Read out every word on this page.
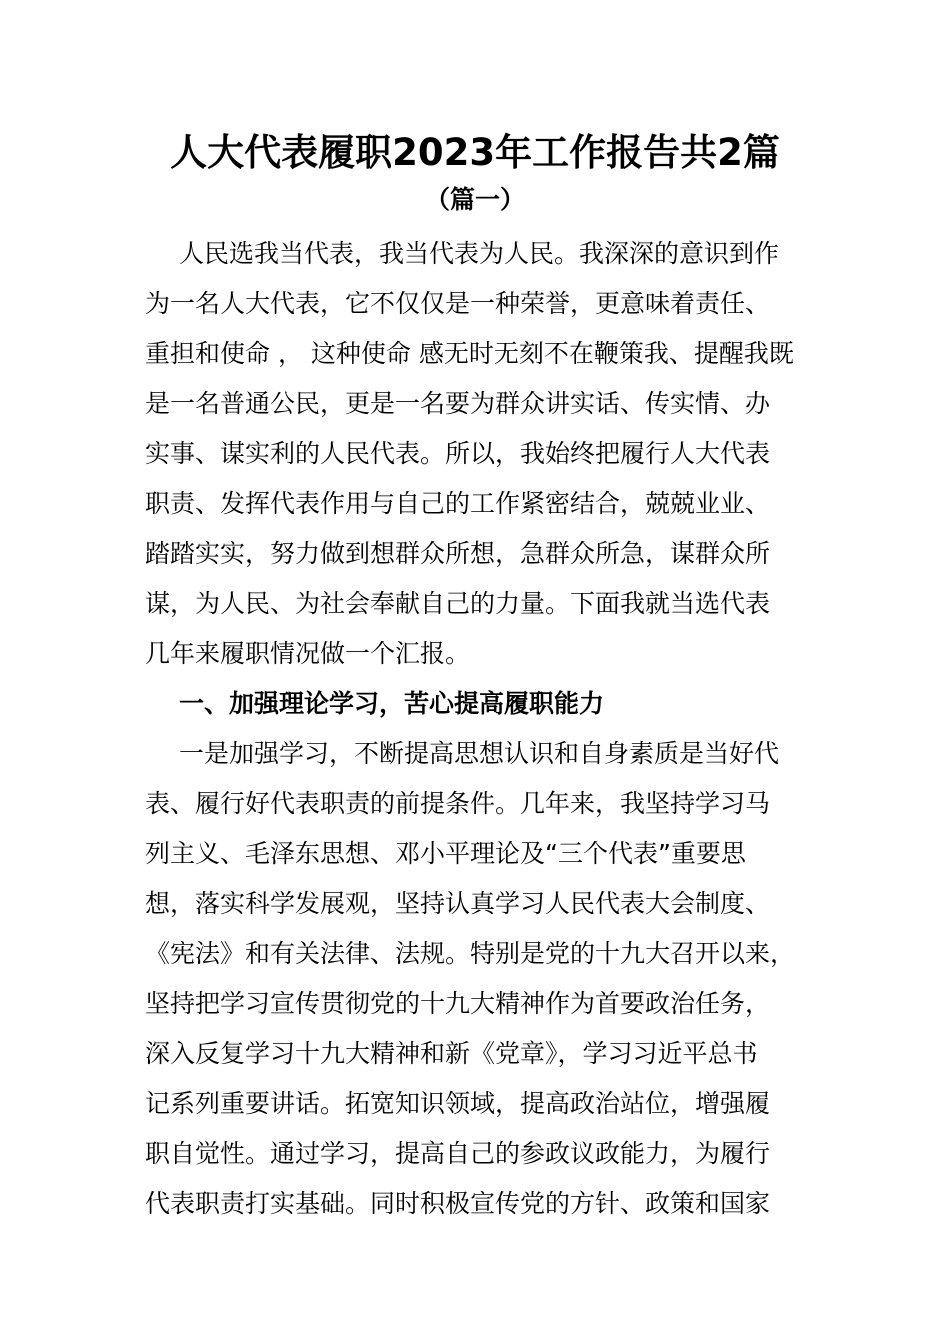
人大代表履职2023年工作报告共2篇
（篇一）
人民选我当代表，我当代表为人民。我深深的意识到作
为一名人大代表，它不仅仅是一种荣誉，更意味着责任、
重担和使命 ， 这种使命 感无时无刻不在鞭策我、提醒我既
是一名普通公民，更是一名要为群众讲实话、传实情、办
实事、谋实利的人民代表。所以，我始终把履行人大代表
职责、发挥代表作用与自己的工作紧密结合，兢兢业业、
踏踏实实，努力做到想群众所想，急群众所急，谋群众所
谋，为人民、为社会奉献自己的力量。下面我就当选代表
几年来履职情况做一个汇报。
一、加强理论学习，苦心提高履职能力
一是加强学习，不断提高思想认识和自身素质是当好代
表、履行好代表职责的前提条件。几年来，我坚持学习马
列主义、毛泽东思想、邓小平理论及“三个代表”重要思
想，落实科学发展观，坚持认真学习人民代表大会制度、
《宪法》和有关法律、法规。特别是党的十九大召开以来，
坚持把学习宣传贯彻党的十九大精神作为首要政治任务，
深入反复学习十九大精神和新《党章》，学习习近平总书
记系列重要讲话。拓宽知识领域，提高政治站位，增强履
职自觉性。通过学习，提高自己的参政议政能力，为履行
代表职责打实基础。同时积极宣传党的方针、政策和国家
